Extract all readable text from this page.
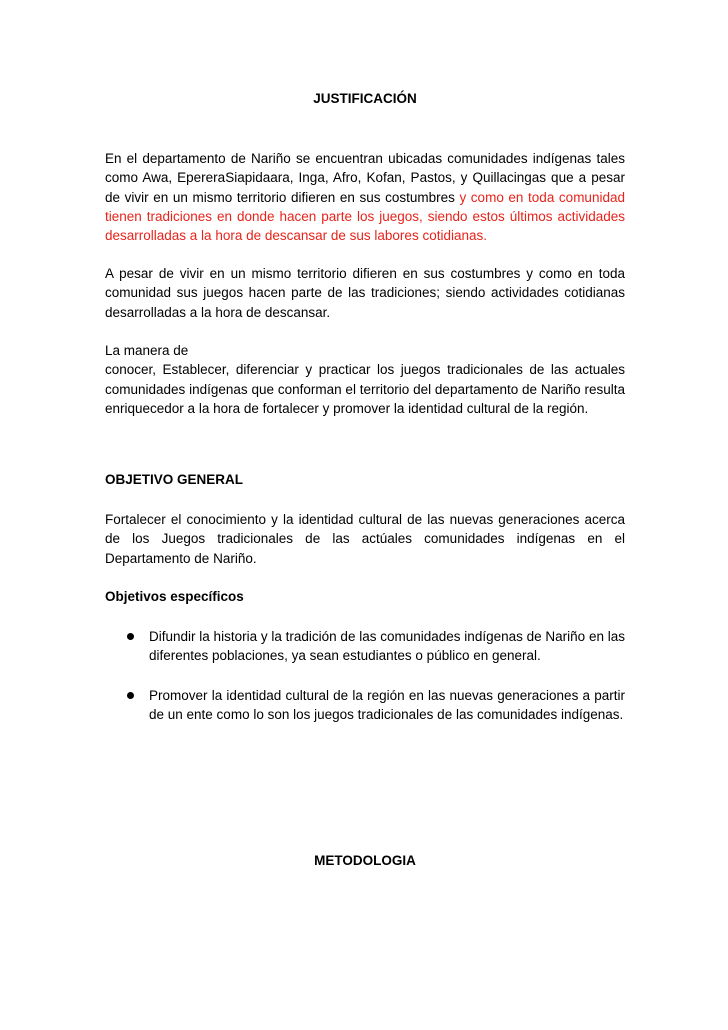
JUSTIFICACIÓN
En el departamento de Nariño se encuentran ubicadas comunidades indígenas tales como Awa, EpereraSiapidaara, Inga, Afro, Kofan, Pastos, y Quillacingas que a pesar de vivir en un mismo territorio difieren en sus costumbres y como en toda comunidad tienen tradiciones en donde hacen parte los juegos, siendo estos últimos actividades desarrolladas a la hora de descansar de sus labores cotidianas.
A pesar de vivir en un mismo territorio difieren en sus costumbres y como en toda comunidad sus juegos hacen parte de las tradiciones; siendo actividades cotidianas desarrolladas a la hora de descansar.
La manera de
conocer, Establecer, diferenciar y practicar los juegos tradicionales de las actuales comunidades indígenas que conforman el territorio del departamento de Nariño resulta enriquecedor a la hora de fortalecer y promover la identidad cultural de la región.
OBJETIVO GENERAL
Fortalecer el conocimiento y la identidad cultural de las nuevas generaciones acerca de los Juegos tradicionales de las actúales comunidades indígenas en el Departamento de Nariño.
Objetivos específicos
Difundir la historia y la tradición de las comunidades indígenas de Nariño en las diferentes poblaciones, ya sean estudiantes o público en general.
Promover la identidad cultural de la región en las nuevas generaciones a partir de un ente como lo son los juegos tradicionales de las comunidades indígenas.
METODOLOGIA
